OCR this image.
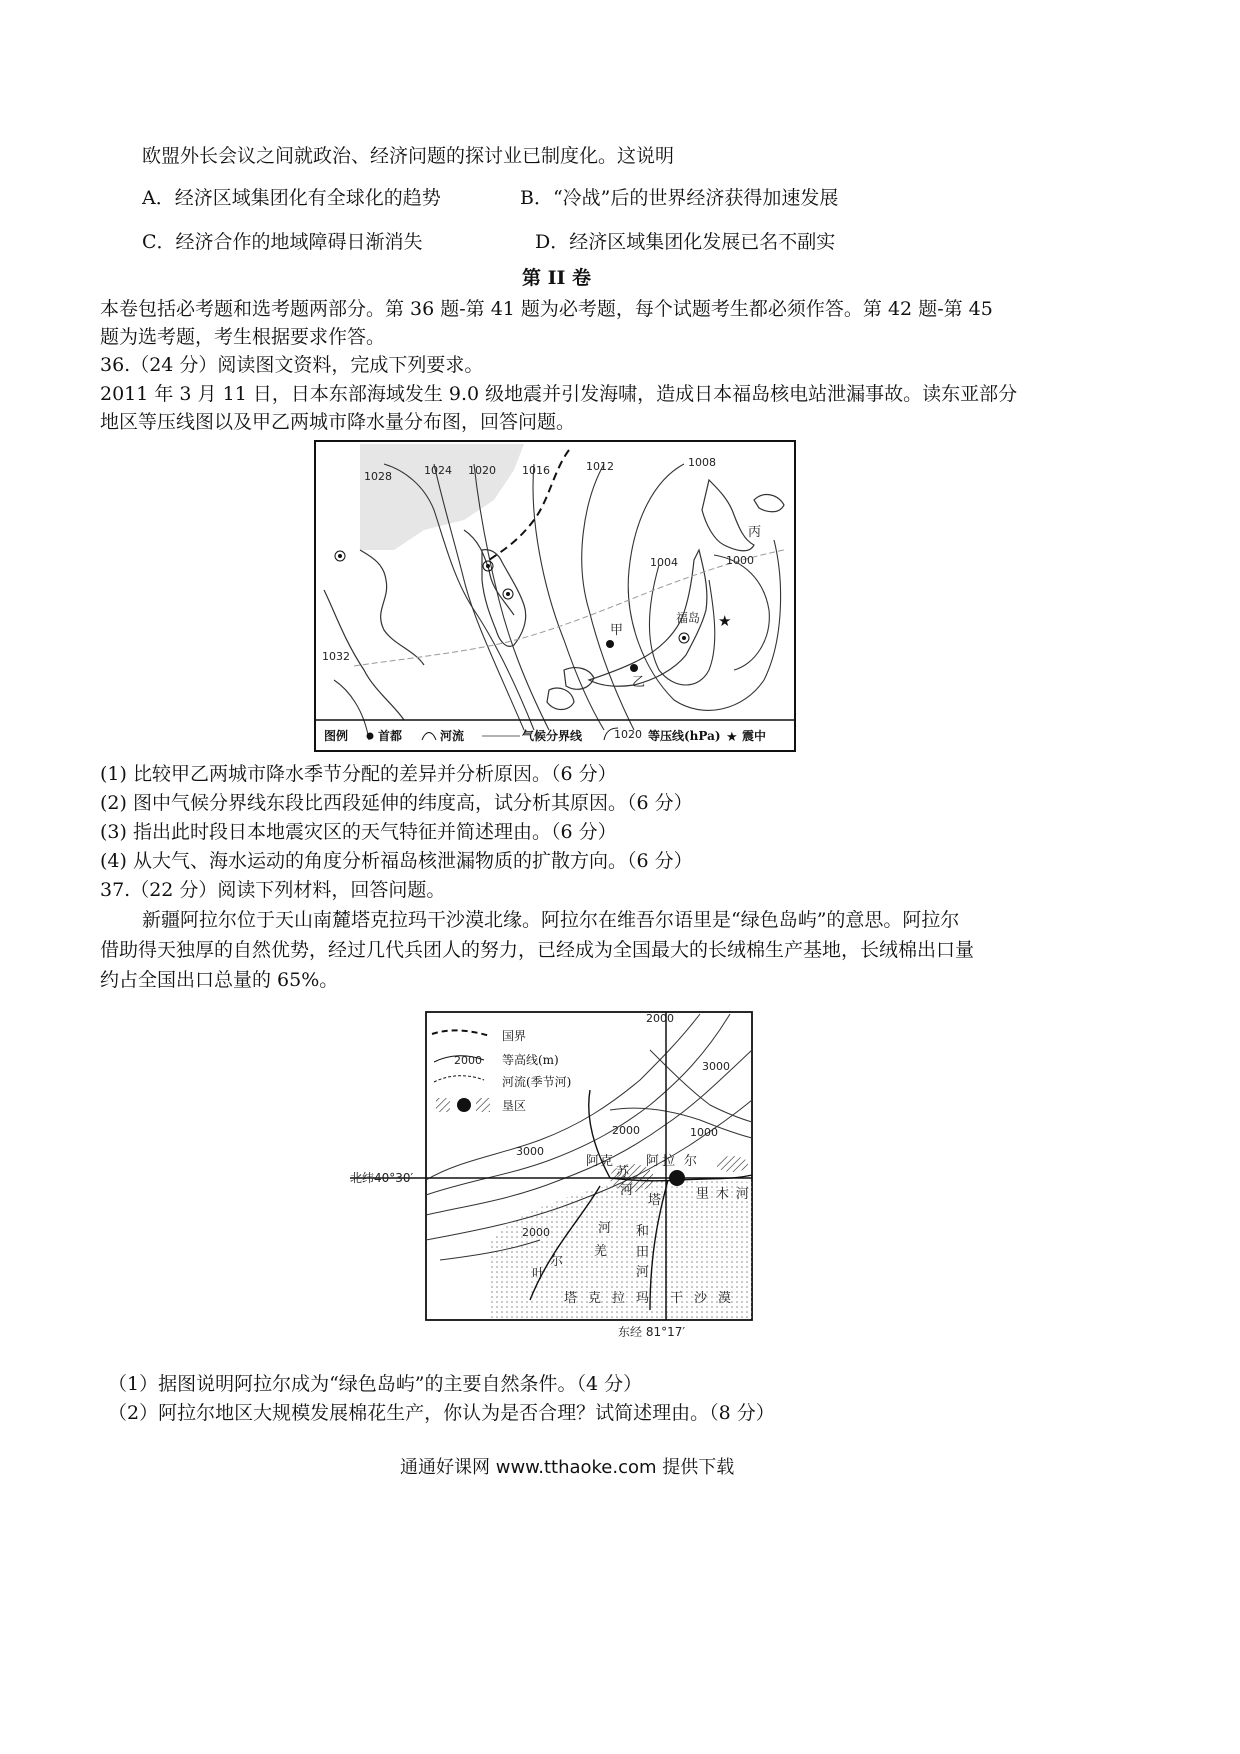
欧盟外长会议之间就政治、经济问题的探讨业已制度化。这说明
A．经济区域集团化有全球化的趋势	B．“冷战”后的世界经济获得加速发展
C．经济合作的地域障碍日渐消失	D．经济区域集团化发展已名不副实
第 II 卷
本卷包括必考题和选考题两部分。第 36 题-第 41 题为必考题，每个试题考生都必须作答。第 42 题-第 45
题为选考题，考生根据要求作答。
36.（24 分）阅读图文资料，完成下列要求。
2011 年 3 月 11 日，日本东部海域发生 9.0 级地震并引发海啸，造成日本福岛核电站泄漏事故。读东亚部分
地区等压线图以及甲乙两城市降水量分布图，回答问题。
1028	1024 1020 1016	1012	1008
1004	1000
1032
甲
乙
丙
福岛 ★
图例 首都	河流	气候分界线	1020 等压线(hPa) ★ 震中
(1) 比较甲乙两城市降水季节分配的差异并分析原因。（6 分）
(2) 图中气候分界线东段比西段延伸的纬度高，试分析其原因。（6 分）
(3) 指出此时段日本地震灾区的天气特征并简述理由。（6 分）
(4) 从大气、海水运动的角度分析福岛核泄漏物质的扩散方向。（6 分）
37.（22 分）阅读下列材料，回答问题。
新疆阿拉尔位于天山南麓塔克拉玛干沙漠北缘。阿拉尔在维吾尔语里是“绿色岛屿”的意思。阿拉尔
借助得天独厚的自然优势，经过几代兵团人的努力，已经成为全国最大的长绒棉生产基地，长绒棉出口量
约占全国出口总量的 65%。
国界
2000 等高线(m)
河流(季节河)
垦区
2000
3000
2000	1000
3000
2000
阿 克
苏
河
阿 拉 尔
塔	里 木 河
和
田
河
叶
尔
羌
河
塔 克 拉 玛 干 沙 漠
北纬40°30′
东经 81°17′
（1）据图说明阿拉尔成为“绿色岛屿”的主要自然条件。（4 分）
（2）阿拉尔地区大规模发展棉花生产，你认为是否合理？试简述理由。（8 分）
通通好课网 www.tthaoke.com 提供下载
